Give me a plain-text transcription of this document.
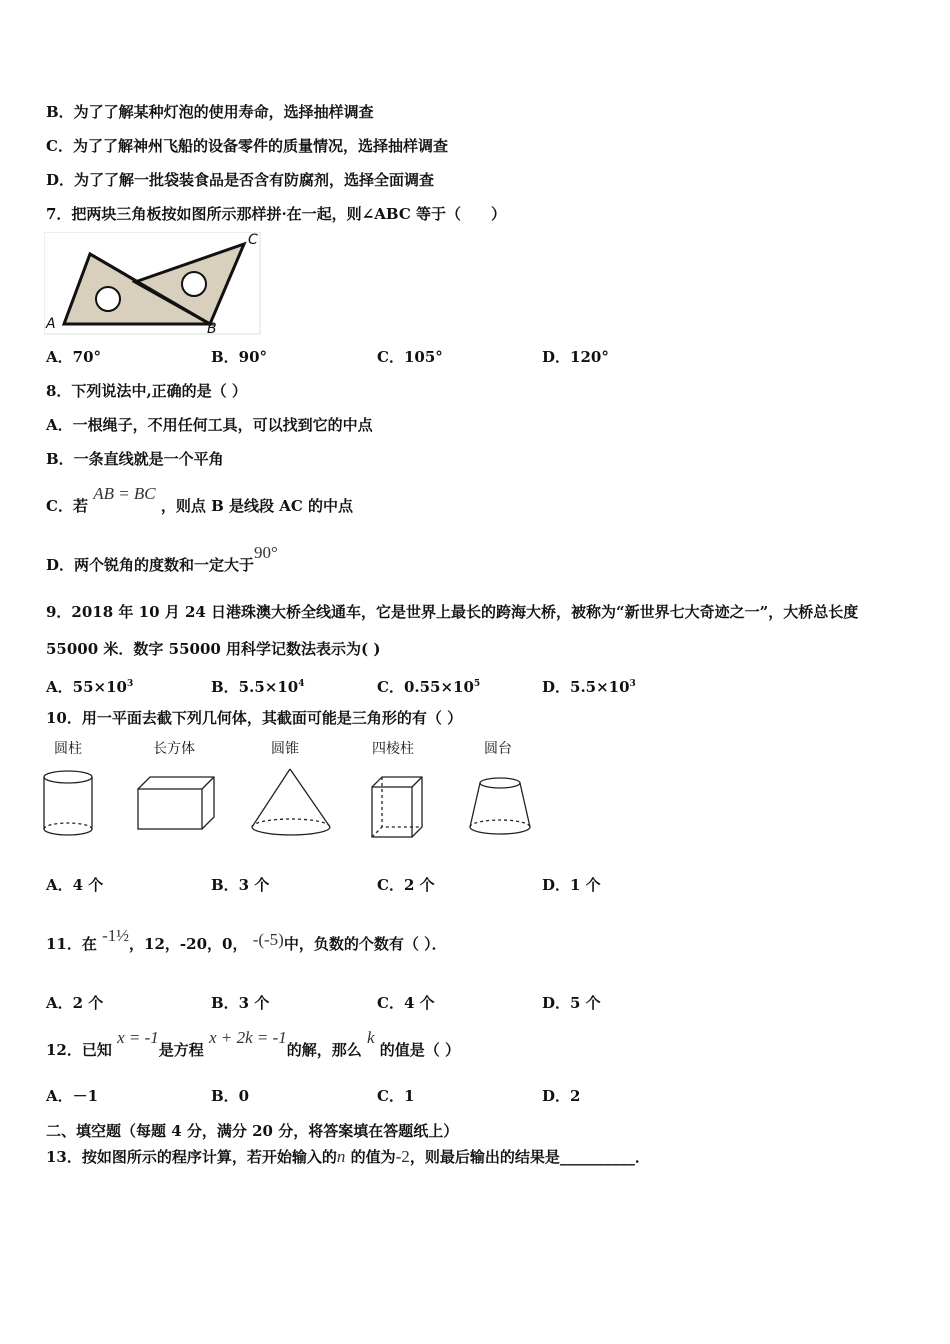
B．为了了解某种灯泡的使用寿命，选择抽样调查
C．为了了解神州飞船的设备零件的质量情况，选择抽样调查
D．为了了解一批袋装食品是否含有防腐剂，选择全面调查
7．把两块三角板按如图所示那样拼·在一起，则∠ABC 等于（　　）
A	B
C
A．70°	B．90°	C．105°	D．120°
8．下列说法中,正确的是（ ）
A．一根绳子，不用任何工具，可以找到它的中点
B．一条直线就是一个平角
C．若 AB = BC ，则点 B 是线段 AC 的中点
D．两个锐角的度数和一定大于90°
9．2018 年 10 月 24 日港珠澳大桥全线通车，它是世界上最长的跨海大桥，被称为“新世界七大奇迹之一”，大桥总长度
55000 米．数字 55000 用科学记数法表示为( )
A．$55\times 10^3$	B．$5.5\times 10^4$	C．$0.55\times 10^5$	D．$5.5\times 10^3$
10．用一平面去截下列几何体，其截面可能是三角形的有（ ）
圆柱	长方体	圆锥	四棱柱	圆台
A．4 个	B．3 个	C．2 个	D．1 个
11．在 -1½，12，-20，0， -(-5)中，负数的个数有（ ）．
A．2 个	B．3 个	C．4 个	D．5 个
12．已知 x = -1是方程 x + 2k = -1的解，那么 k 的值是（ ）
A．－1	B．0	C．1	D．2
二、填空题（每题 4 分，满分 20 分，将答案填在答题纸上）
13．按如图所示的程序计算，若开始输入的n 的值为-2，则最后输出的结果是__________．
